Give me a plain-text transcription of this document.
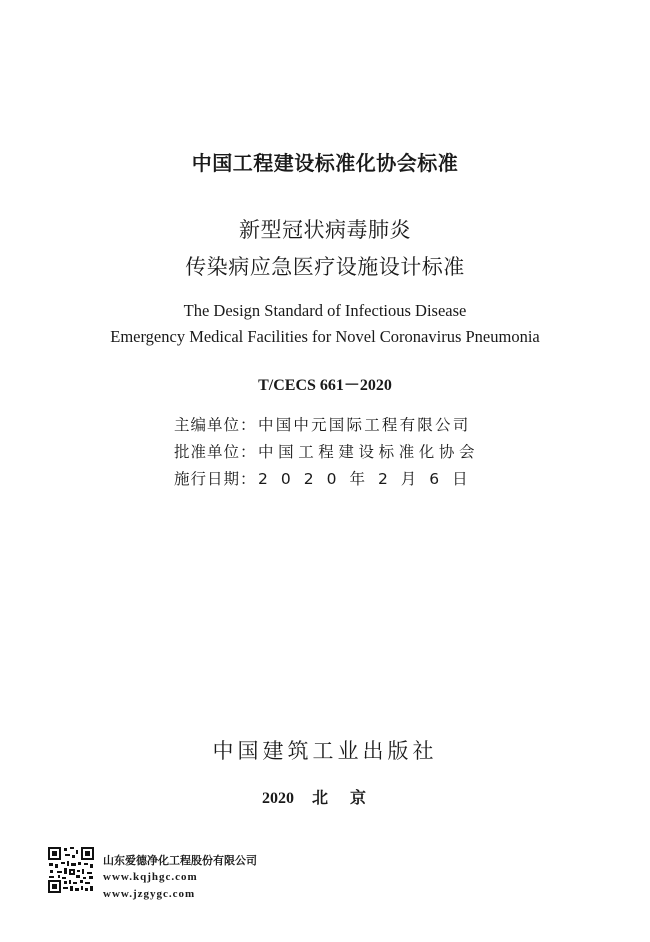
中国工程建设标准化协会标准
新型冠状病毒肺炎
传染病应急医疗设施设计标准
The Design Standard of Infectious Disease
Emergency Medical Facilities for Novel Coronavirus Pneumonia
T/CECS 661－2020
主编单位：中国中元国际工程有限公司
批准单位：中国工程建设标准化协会
施行日期：2020年2月6日
中国建筑工业出版社
2020 北京
山东爱德净化工程股份有限公司
www.kqjhgc.com
www.jzgygc.com
